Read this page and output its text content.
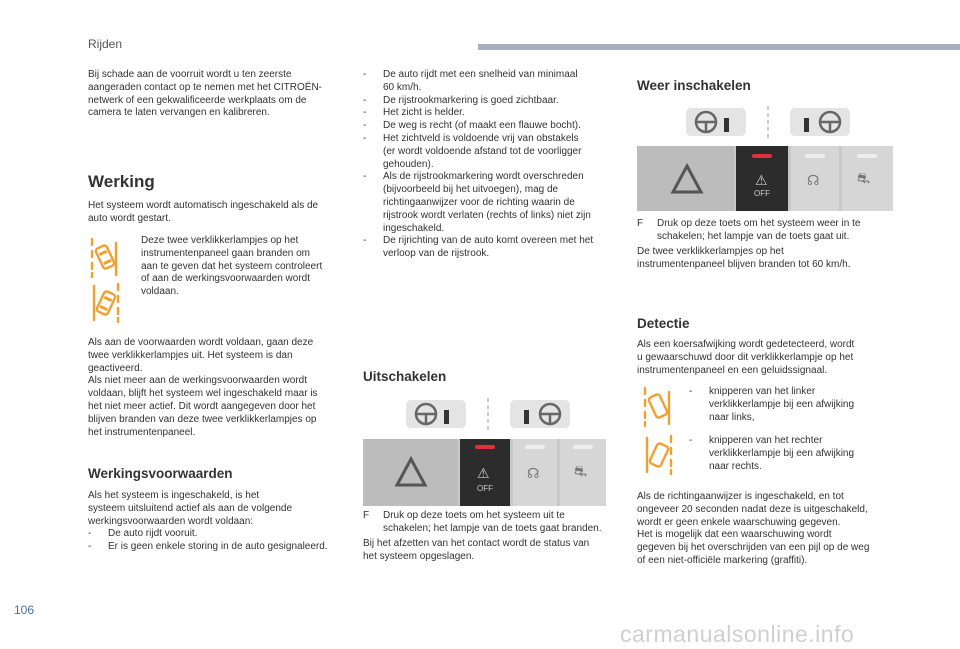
Rijden
106
carmanualsonline.info
Bij schade aan de voorruit wordt u ten zeerste
aangeraden contact op te nemen met het CITROËN-
netwerk of een gekwalificeerde werkplaats om de
camera te laten vervangen en kalibreren.
Werking
Het systeem wordt automatisch ingeschakeld als de
auto wordt gestart.
Deze twee verklikkerlampjes op het
instrumentenpaneel gaan branden om
aan te geven dat het systeem controleert
of aan de werkingsvoorwaarden wordt
voldaan.
Als aan de voorwaarden wordt voldaan, gaan deze
twee verklikkerlampjes uit. Het systeem is dan
geactiveerd.
Als niet meer aan de werkingsvoorwaarden wordt
voldaan, blijft het systeem wel ingeschakeld maar is
het niet meer actief. Dit wordt aangegeven door het
blijven branden van deze twee verklikkerlampjes op
het instrumentenpaneel.
Werkingsvoorwaarden
Als het systeem is ingeschakeld, is het
systeem uitsluitend actief als aan de volgende
werkingsvoorwaarden wordt voldaan:
- De auto rijdt vooruit.
- Er is geen enkele storing in de auto gesignaleerd.
- De auto rijdt met een snelheid van minimaal
60 km/h.
- De rijstrookmarkering is goed zichtbaar.
- Het zicht is helder.
- De weg is recht (of maakt een flauwe bocht).
- Het zichtveld is voldoende vrij van obstakels
(er wordt voldoende afstand tot de voorligger
gehouden).
- Als de rijstrookmarkering wordt overschreden
(bijvoorbeeld bij het uitvoegen), mag de
richtingaanwijzer voor de richting waarin de
rijstrook wordt verlaten (rechts of links) niet zijn
ingeschakeld.
- De rijrichting van de auto komt overeen met het
verloop van de rijstrook.
Uitschakelen
OFF
⚠	☊ ⛐
F Druk op deze toets om het systeem uit te
schakelen; het lampje van de toets gaat branden.
Bij het afzetten van het contact wordt de status van
het systeem opgeslagen.
Weer inschakelen
OFF
⚠	☊	⛐
F Druk op deze toets om het systeem weer in te
schakelen; het lampje van de toets gaat uit.
De twee verklikkerlampjes op het
instrumentenpaneel blijven branden tot 60 km/h.
Detectie
Als een koersafwijking wordt gedetecteerd, wordt
u gewaarschuwd door dit verklikkerlampje op het
instrumentenpaneel en een geluidssignaal.
- knipperen van het linker
verklikkerlampje bij een afwijking
naar links,
- knipperen van het rechter
verklikkerlampje bij een afwijking
naar rechts.
Als de richtingaanwijzer is ingeschakeld, en tot
ongeveer 20 seconden nadat deze is uitgeschakeld,
wordt er geen enkele waarschuwing gegeven.
Het is mogelijk dat een waarschuwing wordt
gegeven bij het overschrijden van een pijl op de weg
of een niet-officiële markering (graffiti).
